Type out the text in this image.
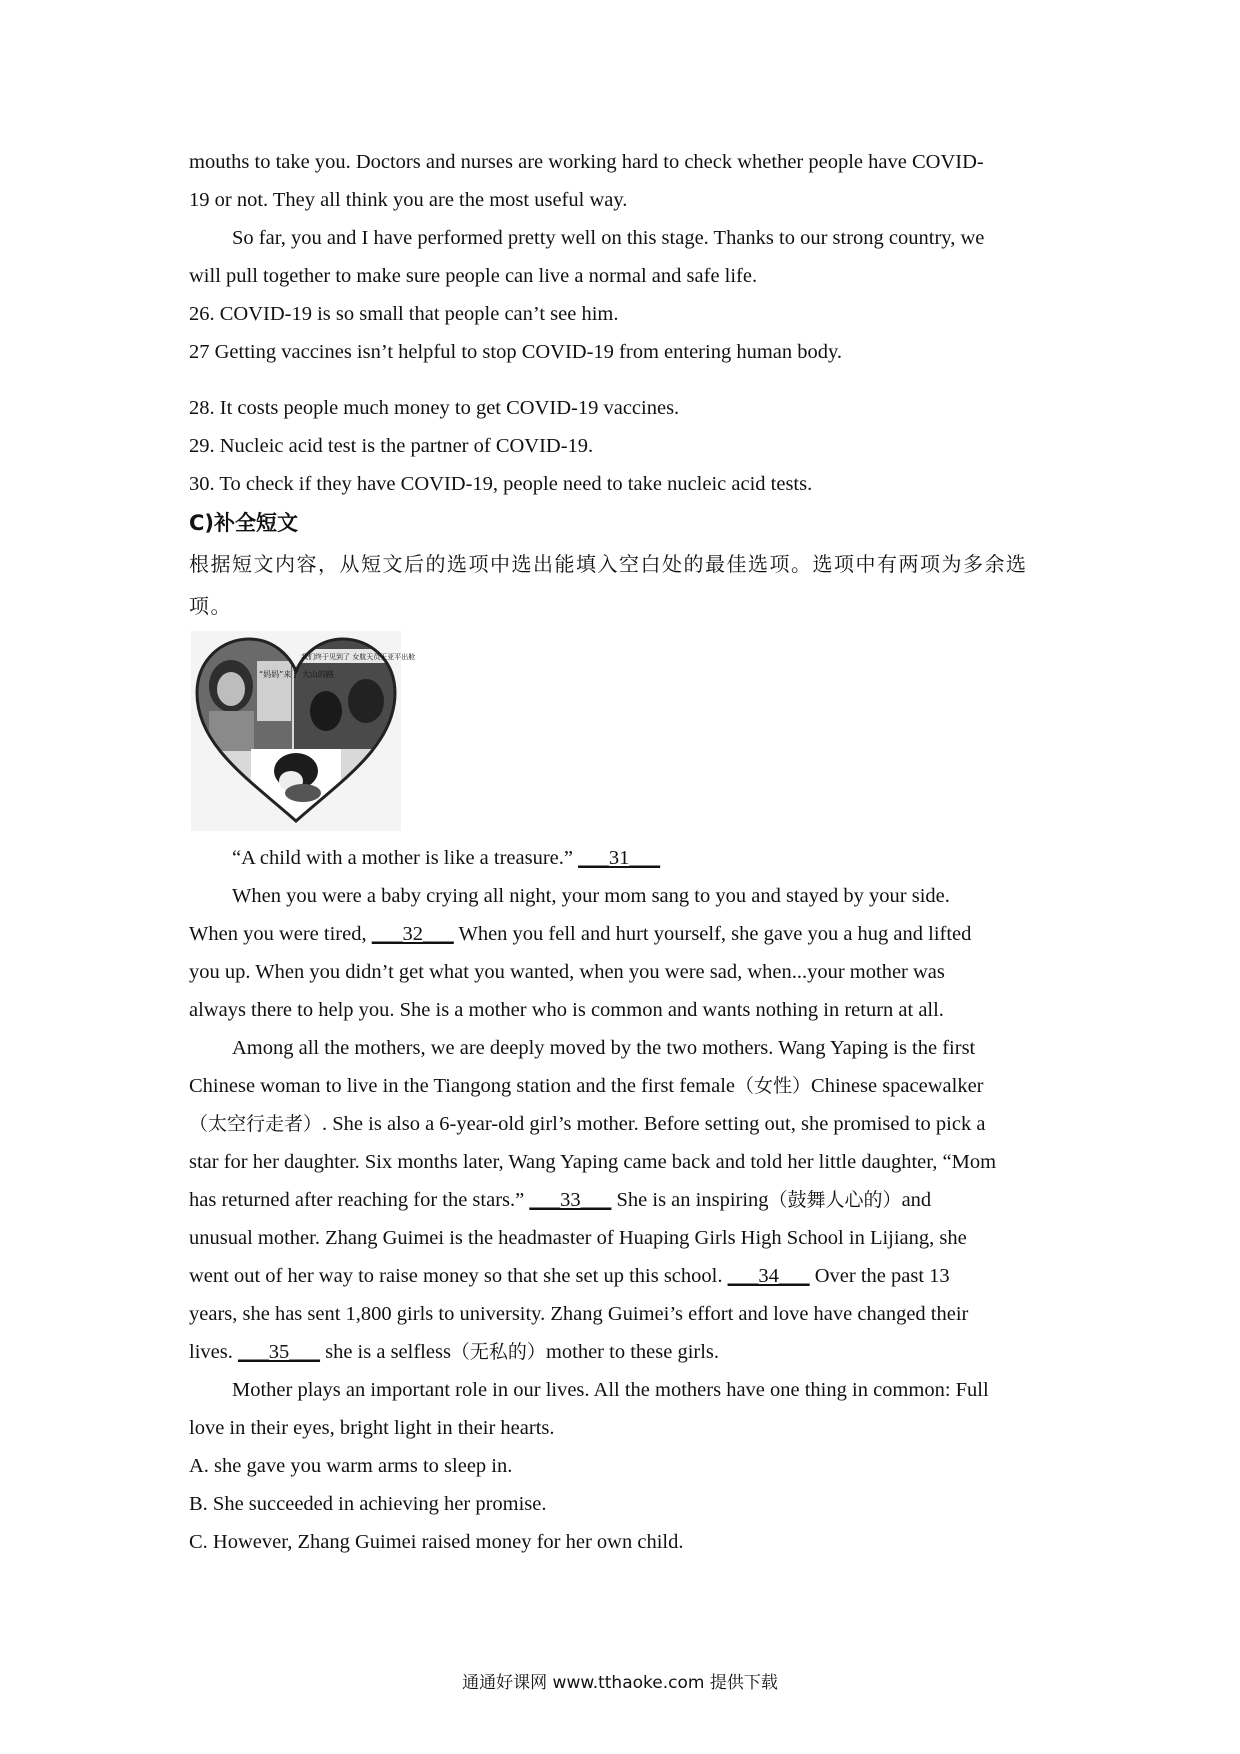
mouths to take you. Doctors and nurses are working hard to check whether people have COVID-

19 or not. They all think you are the most useful way.

So far, you and I have performed pretty well on this stage. Thanks to our strong country, we

will pull together to make sure people can live a normal and safe life.

26. COVID-19 is so small that people can’t see him.

27 Getting vaccines isn’t helpful to stop COVID-19 from entering human body.

28. It costs people much money to get COVID-19 vaccines.

29. Nucleic acid test is the partner of COVID-19.

30. To check if they have COVID-19, people need to take nucleic acid tests.

C)补全短文

根据短文内容，从短文后的选项中选出能填入空白处的最佳选项。选项中有两项为多余选

项。

“妈妈”来了 大山的路
我们终于见到了 女航天员王亚平出舱

“A child with a mother is like a treasure.” ___31___

When you were a baby crying all night, your mom sang to you and stayed by your side.

When you were tired, ___32___ When you fell and hurt yourself, she gave you a hug and lifted

you up. When you didn’t get what you wanted, when you were sad, when...your mother was

always there to help you. She is a mother who is common and wants nothing in return at all.

Among all the mothers, we are deeply moved by the two mothers. Wang Yaping is the first

Chinese woman to live in the Tiangong station and the first female（女性）Chinese spacewalker

（太空行走者）. She is also a 6-year-old girl’s mother. Before setting out, she promised to pick a

star for her daughter. Six months later, Wang Yaping came back and told her little daughter, “Mom

has returned after reaching for the stars.” ___33___ She is an inspiring（鼓舞人心的）and

unusual mother. Zhang Guimei is the headmaster of Huaping Girls High School in Lijiang, she

went out of her way to raise money so that she set up this school. ___34___ Over the past 13

years, she has sent 1,800 girls to university. Zhang Guimei’s effort and love have changed their

lives. ___35___ she is a selfless（无私的）mother to these girls.

Mother plays an important role in our lives. All the mothers have one thing in common: Full

love in their eyes, bright light in their hearts.

A. she gave you warm arms to sleep in.

B. She succeeded in achieving her promise.

C. However, Zhang Guimei raised money for her own child.

通通好课网 www.tthaoke.com 提供下载
